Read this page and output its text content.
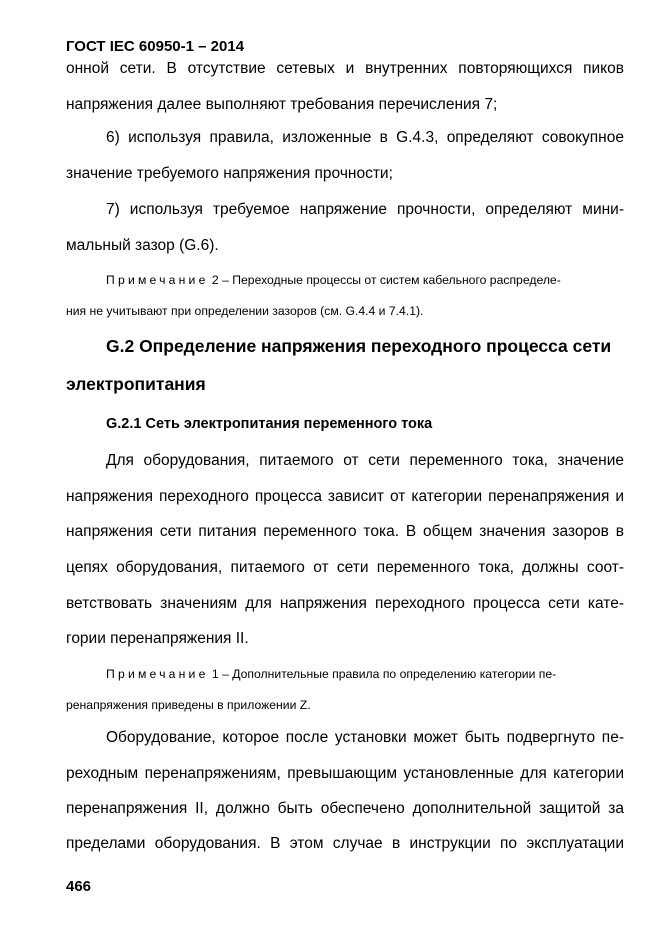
ГОСТ IEC 60950-1 – 2014
онной сети. В отсутствие сетевых и внутренних повторяющихся пиков
напряжения далее выполняют требования перечисления 7;
6) используя правила, изложенные в G.4.3, определяют совокупное
значение требуемого напряжения прочности;
7) используя требуемое напряжение прочности, определяют мини-
мальный зазор (G.6).
Примечание 2 – Переходные процессы от систем кабельного распределе-
ния не учитывают при определении зазоров (см. G.4.4 и 7.4.1).
G.2 Определение напряжения переходного процесса сети
электропитания
G.2.1 Сеть электропитания переменного тока
Для оборудования, питаемого от сети переменного тока, значение
напряжения переходного процесса зависит от категории перенапряжения и
напряжения сети питания переменного тока. В общем значения зазоров в
цепях оборудования, питаемого от сети переменного тока, должны соот-
ветствовать значениям для напряжения переходного процесса сети кате-
гории перенапряжения II.
Примечание 1 – Дополнительные правила по определению категории пе-
ренапряжения приведены в приложении Z.
Оборудование, которое после установки может быть подвергнуто пе-
реходным перенапряжениям, превышающим установленные для категории
перенапряжения II, должно быть обеспечено дополнительной защитой за
пределами оборудования. В этом случае в инструкции по эксплуатации
466
